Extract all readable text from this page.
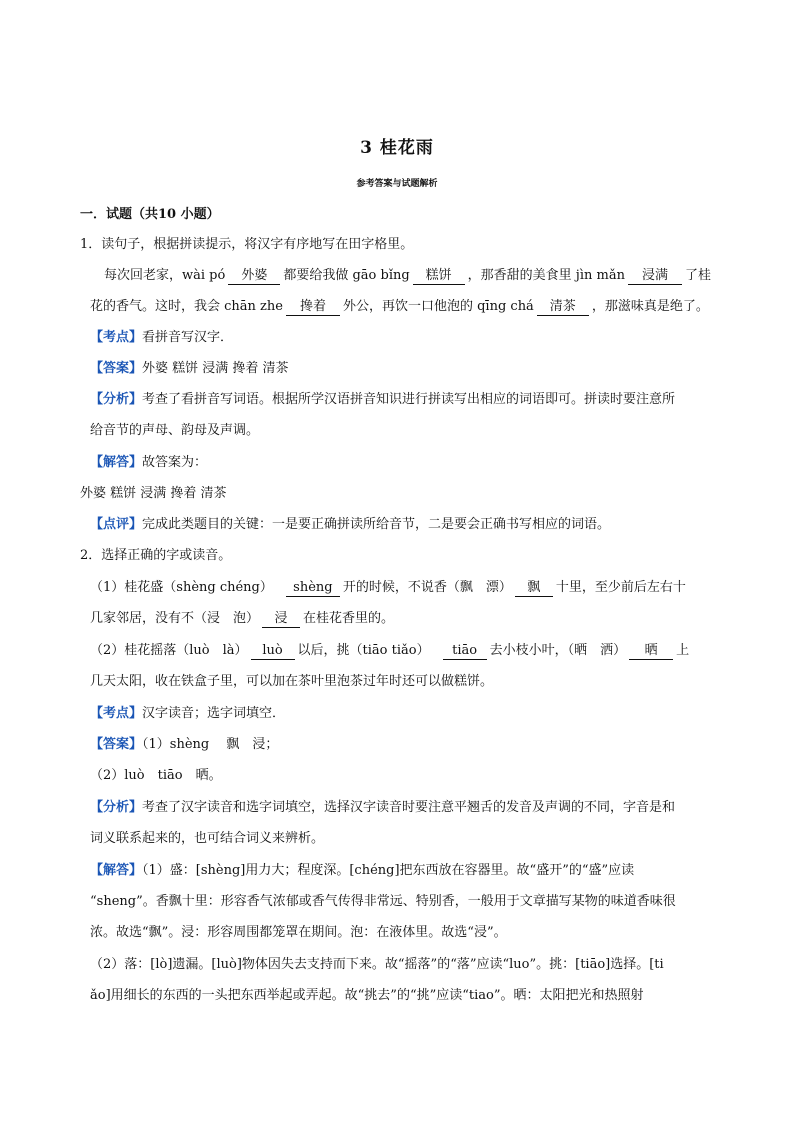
3 桂花雨
参考答案与试题解析
一．试题（共10 小题）
1．读句子，根据拼读提示，将汉字有序地写在田字格里。
每次回老家，wài pó 外婆 都要给我做 gāo bǐng 糕饼 ，那香甜的美食里 jìn mǎn 浸满 了桂
花的香气。这时，我会 chān zhe 搀着 外公，再饮一口他泡的 qīng chá 清茶 ，那滋味真是绝了。
【考点】看拼音写汉字．
【答案】外婆 糕饼 浸满 搀着 清茶
【分析】考查了看拼音写词语。根据所学汉语拼音知识进行拼读写出相应的词语即可。拼读时要注意所
给音节的声母、韵母及声调。
【解答】故答案为：
外婆 糕饼 浸满 搀着 清茶
【点评】完成此类题目的关键：一是要正确拼读所给音节，二是要会正确书写相应的词语。
2．选择正确的字或读音。
（1）桂花盛（shèng chéng） shèng 开的时候，不说香（飘　漂） 飘 十里，至少前后左右十
几家邻居，没有不（浸　泡） 浸 在桂花香里的。
（2）桂花摇落（luò　là） luò 以后，挑（tiāo tiǎo） tiāo 去小枝小叶，（晒　洒） 晒 上
几天太阳，收在铁盒子里，可以加在茶叶里泡茶过年时还可以做糕饼。
【考点】汉字读音；选字词填空．
【答案】（1）shèng　 飘　浸；
（2）luò　tiāo　晒。
【分析】考查了汉字读音和选字词填空，选择汉字读音时要注意平翘舌的发音及声调的不同，字音是和
词义联系起来的，也可结合词义来辨析。
【解答】（1）盛：[shèng]用力大；程度深。[chéng]把东西放在容器里。故“盛开”的“盛”应读
“sheng”。香飘十里：形容香气浓郁或香气传得非常远、特别香，一般用于文章描写某物的味道香味很
浓。故选“飘”。浸：形容周围都笼罩在期间。泡：在液体里。故选“浸”。
（2）落：[lò]遗漏。[luò]物体因失去支持而下来。故“摇落”的“落”应读“luo”。挑：[tiāo]选择。[ti
ǎo]用细长的东西的一头把东西举起或弄起。故“挑去”的“挑”应读“tiao”。晒：太阳把光和热照射
